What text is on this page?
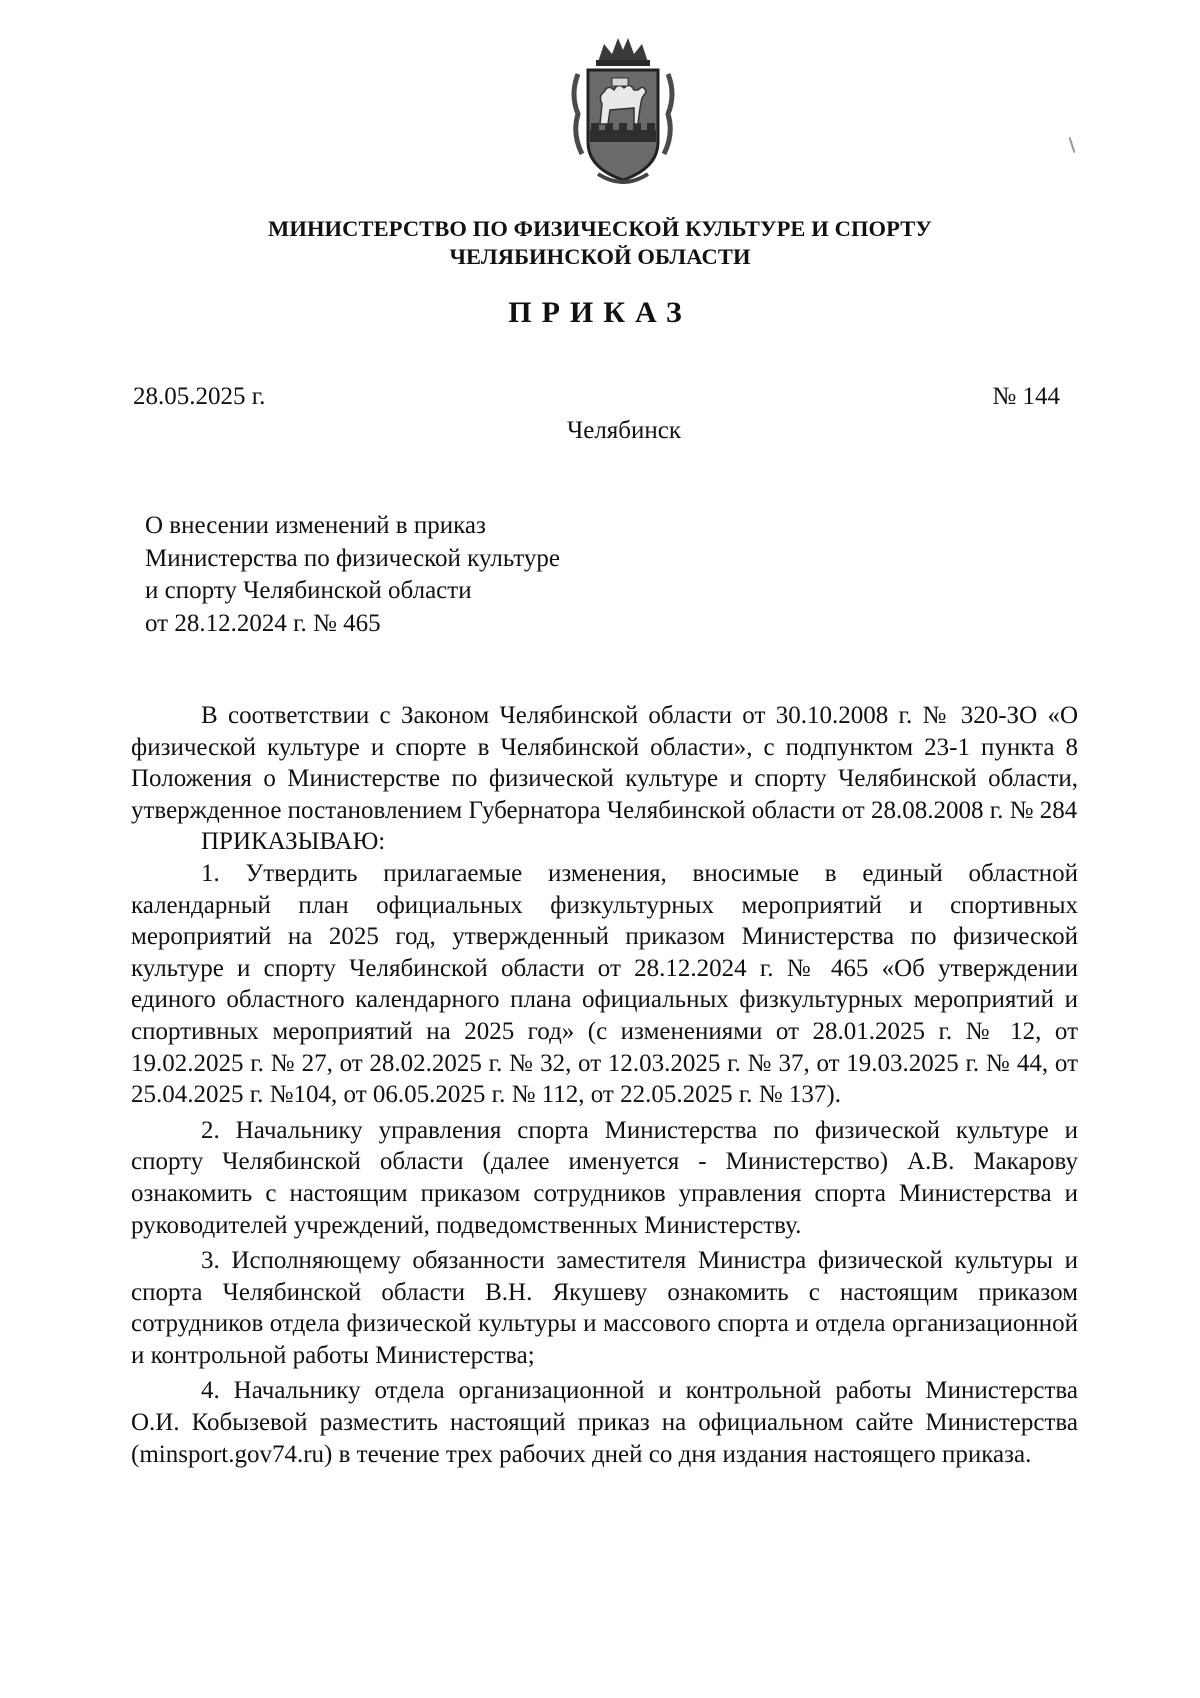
МИНИСТЕРСТВО ПО ФИЗИЧЕСКОЙ КУЛЬТУРЕ И СПОРТУ
ЧЕЛЯБИНСКОЙ ОБЛАСТИ
ПРИКАЗ
28.05.2025 г.	№ 144
Челябинск
О внесении изменений в приказ
Министерства по физической культуре
и спорту Челябинской области
от 28.12.2024 г. № 465

В соответствии с Законом Челябинской области от 30.10.2008 г. № 320-ЗО «О физической культуре и спорте в Челябинской области», с подпунктом 23-1 пункта 8 Положения о Министерстве по физической культуре и спорту Челябинской области, утвержденное постановлением Губернатора Челябинской области от 28.08.2008 г. № 284

ПРИКАЗЫВАЮ:

1. Утвердить прилагаемые изменения, вносимые в единый областной календарный план официальных физкультурных мероприятий и спортивных мероприятий на 2025 год, утвержденный приказом Министерства по физической культуре и спорту Челябинской области от 28.12.2024 г. № 465 «Об утверждении единого областного календарного плана официальных физкультурных мероприятий и спортивных мероприятий на 2025 год» (с изменениями от 28.01.2025 г. № 12, от 19.02.2025 г. № 27, от 28.02.2025 г. № 32, от 12.03.2025 г. № 37, от 19.03.2025 г. № 44, от 25.04.2025 г. №104, от 06.05.2025 г. № 112, от 22.05.2025 г. № 137).

2. Начальнику управления спорта Министерства по физической культуре и спорту Челябинской области (далее именуется - Министерство) А.В. Макарову ознакомить с настоящим приказом сотрудников управления спорта Министерства и руководителей учреждений, подведомственных Министерству.

3. Исполняющему обязанности заместителя Министра физической культуры и спорта Челябинской области В.Н. Якушеву ознакомить с настоящим приказом сотрудников отдела физической культуры и массового спорта и отдела организационной и контрольной работы Министерства;

4. Начальнику отдела организационной и контрольной работы Министерства О.И. Кобызевой разместить настоящий приказ на официальном сайте Министерства (minsport.gov74.ru) в течение трех рабочих дней со дня издания настоящего приказа.
